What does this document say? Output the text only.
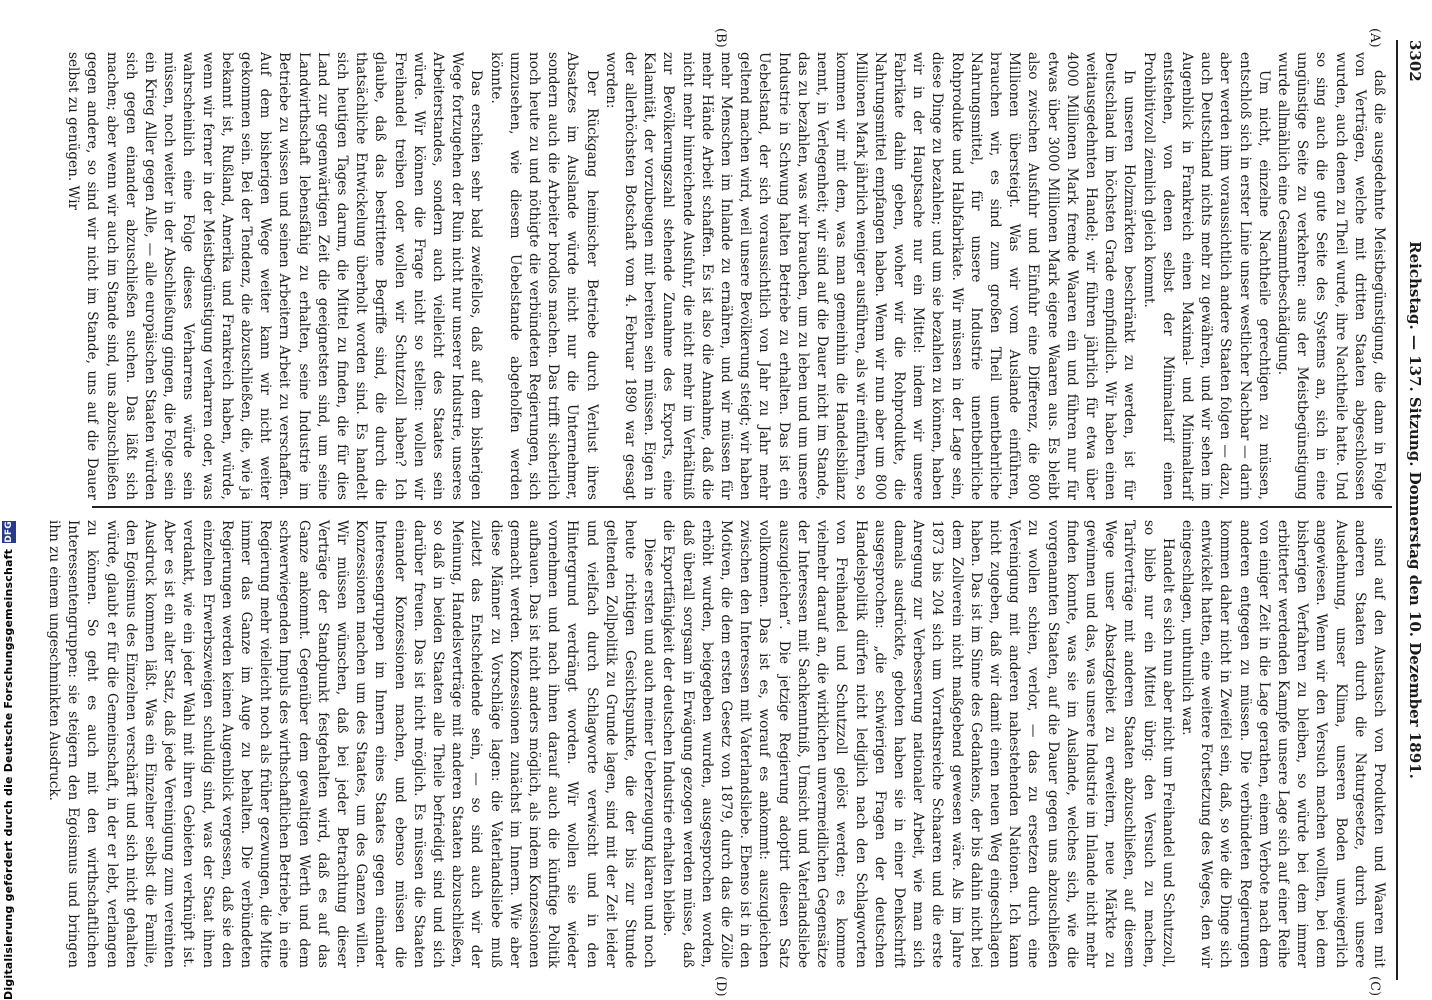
Digitalisierung gefördert durch die Deutsche ForschungsgemeinschaftDFG
3302
Reichstag. — 137. Sitzung. Donnerstag den 10. Dezember 1891.
(A)
(B)
(C)
(D)

daß die ausgedehnte Meistbegünstigung, die dann in Folge von Verträgen, welche mit dritten Staaten abgeschlossen wurden, auch denen zu Theil wurde, ihre Nachtheile hatte. Und so sing auch die gute Seite des Systems an, sich in eine ungünstige Seite zu verkehren: aus der Meistbegünstigung wurde allmählich eine Gesammtbeschädigung.

Um nicht, einzelne Nachtheile gerechtigen zu müssen, entschloß sich in erster Linie unser westlicher Nachbar — darin aber werden ihm voraussichtlich andere Staaten folgen — dazu, auch Deutschland nichts mehr zu gewähren, und wir sehen im Augenblick in Frankreich einen Maximal- und Minimaltarif entstehen, von denen selbst der Minimaltarif einen Prohibitivzoll ziemlich gleich kommt.

In unseren Holzmärkten beschränkt zu werden, ist für Deutschland im höchsten Grade empfindlich. Wir haben einen weitausgedehnten Handel; wir führen jährlich für etwa über 4000 Millionen Mark fremde Waaren ein und führen nur für etwas über 3000 Millionen Mark eigene Waaren aus. Es bleibt also zwischen Ausfuhr und Einfuhr eine Differenz, die 800 Millionen übersteigt. Was wir vom Auslande einführen, brauchen wir, es sind zum großen Theil unentbehrliche Nahrungsmittel, für unsere Industrie unentbehrliche Rohprodukte und Halbfabrikate. Wir müssen in der Lage sein, diese Dinge zu bezahlen; und um sie bezahlen zu können, haben wir in der Hauptsache nur ein Mittel: indem wir unsere Fabrikate dahin geben, woher wir die Rohprodukte, die Nahrungsmittel empfangen haben. Wenn wir nun aber um 800 Millionen Mark jährlich weniger ausführen, als wir einführen, so kommen wir mit dem, was man gemeinhin die Handelsbilanz nennt, in Verlegenheit; wir sind auf die Dauer nicht im Stande, das zu bezahlen, was wir brauchen, um zu leben und um unsere Industrie in Schwung halten Betriebe zu erhalten. Das ist ein Uebelstand, der sich voraussichtlich von Jahr zu Jahr mehr geltend machen wird, weil unsere Bevölkerung steigt; wir haben mehr Menschen im Inlande zu ernähren, und wir müssen für mehr Hände Arbeit schaffen. Es ist also die Annahme, daß die nicht mehr hinreichende Ausfuhr, die nicht mehr im Verhältniß zur Bevölkerungszahl stehende Zunahme des Exports, eine Kalamität, der vorzubeugen mit bereiten sein müssen. Eigen in der allerhöchsten Botschaft vom 4. Februar 1890 war gesagt worden:

Der Rückgang heimischer Betriebe durch Verlust ihres Absatzes im Auslande würde nicht nur die Unternehmer, sondern auch die Arbeiter brodlos machen. Das trifft sicherlich noch heute zu und nöthigte die verbündeten Regierungen, sich umzusehen, wie diesem Uebelstande abgeholfen werden könnte.

Das erschien sehr bald zweifellos, daß auf dem bisherigen Wege fortzugehen der Ruin nicht nur unserer Industrie, unseres Arbeiterstandes, sondern auch vielleicht des Staates sein würde. Wir können die Frage nicht so stellen: wollen wir Freihandel treiben oder wollen wir Schutzzoll haben? Ich glaube, daß das bestrittene Begriffe sind, die durch die thatsächliche Entwickelung überholt worden sind. Es handelt sich heutigen Tages darum, die Mittel zu finden, die für dies Land zur gegenwärtigen Zeit die geeignetsten sind, um seine Landwirthschaft lebensfähig zu erhalten, seine Industrie im Betriebe zu wissen und seinen Arbeitern Arbeit zu verschaffen. Auf dem bisherigen Wege weiter kann wir nicht weiter gekommen sein. Bei der Tendenz, die abzuschließen, die, wie ja bekannt ist, Rußland, Amerika und Frankreich haben, würde, wenn wir ferner in der Meistbegünstigung verharren oder, was wahrscheinlich eine Folge dieses Verharrens würde sein müssen, noch weiter in der Abschließung gingen, die Folge sein ein Krieg Aller gegen Alle, — alle europäischen Staaten würden sich gegen einander abzuschließen suchen. Das läßt sich machen; aber wenn wir auch im Stande sind, uns abzuschließen gegen andere, so sind wir nicht im Stande, uns auf die Dauer selbst zu genügen. Wir

sind auf den Austausch von Produkten und Waaren mit anderen Staaten durch die Naturgesetze, durch unsere Ausdehnung, unser Klima, unseren Boden unweigerlich angewiesen. Wenn wir den Versuch machen wollten, bei dem bisherigen Verfahren zu bleiben, so würde bei dem immer erbitterter werdenden Kampfe unsere Lage sich auf einer Reihe von einiger Zeit in die Lage gerathen, einem Verbote nach dem anderen entgegen zu müssen. Die verbündeten Regierungen kommen daher nicht in Zweifel sein, daß, so wie die Dinge sich entwickelt hatten, eine weitere Fortsetzung des Weges, den wir eingeschlagen, unthunlich war.

Handelt es sich nun aber nicht um Freihandel und Schutzzoll, so blieb nur ein Mittel übrig: den Versuch zu machen, Tarifverträge mit anderen Staaten abzuschließen, auf diesem Wege unser Absatzgebiet zu erweitern, neue Märkte zu gewinnen und das, was unsere Industrie im Inlande nicht mehr finden konnte, was sie im Auslande, welches sich, wie die vorgenannten Staaten, auf die Dauer gegen uns abzuschließen zu wollen schien, verlor, — das zu ersetzen durch eine Vereinigung mit anderen nahestehenden Nationen. Ich kann nicht zugeben, daß wir damit einen neuen Weg eingeschlagen haben. Das ist im Sinne des Gedankens, der bis dahin nicht bei dem Zollverein nicht maßgebend gewesen wäre. Als im Jahre 1873 bis 204 sich um Vorrathsreiche Schaaren und die erste Anregung zur Verbesserung nationaler Arbeit, wie man sich damals ausdrückte, geboten haben sie in einer Denkschrift ausgesprochen: „die schwierigen Fragen der deutschen Handelspolitik dürfen nicht lediglich nach den Schlagworten von Freihandel und Schutzzoll gelöst werden; es komme vielmehr darauf an, die wirklichen unvermeidlichen Gegensätze der Interessen mit Sachkenntniß, Umsicht und Vaterlandsliebe auszugleichen“. Die jetzige Regierung adoptirt diesen Satz vollkommen. Das ist es, worauf es ankommt: auszugleichen zwischen den Interessen mit Vaterlandsliebe. Ebenso ist in den Motiven, die dem ersten Gesetz von 1879, durch das die Zölle erhöht wurden, beigegeben wurden, ausgesprochen worden, daß überall sorgsam in Erwägung gezogen werden müsse, daß die Exportfähigkeit der deutschen Industrie erhalten bleibe.

Diese ersten und auch meiner Ueberzeugung klaren und noch heute richtigen Gesichtspunkte, die der bis zur Stunde geltenden Zollpolitik zu Grunde lagen, sind mit der Zeit leider und vielfach durch Schlagworte verwischt und in den Hintergrund verdrängt worden. Wir wollen sie wieder vornehmen und nach ihnen darauf auch die künftige Politik aufbauen. Das ist nicht anders möglich, als indem Konzessionen gemacht werden. Konzessionen zunächst im Innern. Wie aber diese Männer zu Vorschläge lagen: die Vaterlandsliebe muß zuletzt das Entscheidende sein, — so sind auch wir der Meinung, Handelsverträge mit anderen Staaten abzuschließen, so daß in beiden Staaten alle Theile befriedigt sind und sich darüber freuen. Das ist nicht möglich. Es müssen die Staaten einander Konzessionen machen, und ebenso müssen die Interessengruppen im Innern eines Staates gegen einander Konzessionen machen um des Staates, um des Ganzen willen. Wir müssen wünschen, daß bei jeder Betrachtung dieser Verträge der Standpunkt festgehalten wird, daß es auf das Ganze ankommt. Gegenüber dem gewaltigen Werth und dem schwerwiegenden Impuls des wirthschaftlichen Betriebe, in eine Regierung mehr vielleicht noch als früher gezwungen, die Mitte immer das Ganze im Auge zu behalten. Die verbündeten Regierungen werden keinen Augenblick vergessen, daß sie den einzelnen Erwerbszweigen schuldig sind, was der Staat ihnen verdankt, wie ein jeder Wahl mit ihren Gebieten verknüpft ist. Aber es ist ein alter Satz, daß jede Vereinigung zum vereinten Ausdruck kommen läßt. Was ein Einzelner selbst die Familie, den Egoismus des Einzelnen verschärft und sich nicht gehalten würde, glaubt er für die Gemeinschaft, in der er lebt, verlangen zu können. So geht es auch mit den wirthschaftlichen Interessentengruppen: sie steigern den Egoismus und bringen ihn zu einem ungeschminkten Ausdruck.
